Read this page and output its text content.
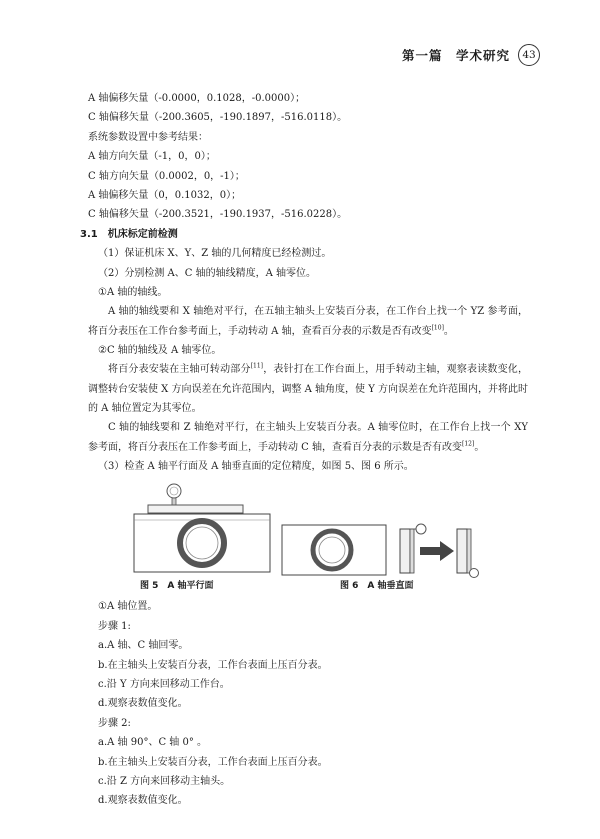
第一篇　学术研究	43
A 轴偏移矢量（-0.0000，0.1028，-0.0000）；
C 轴偏移矢量（-200.3605，-190.1897，-516.0118）。
系统参数设置中参考结果：
A 轴方向矢量（-1，0，0）；
C 轴方向矢量（0.0002，0，-1）；
A 轴偏移矢量（0，0.1032，0）；
C 轴偏移矢量（-200.3521，-190.1937，-516.0228）。
3.1　机床标定前检测
（1）保证机床 X、Y、Z 轴的几何精度已经检测过。
（2）分别检测 A、C 轴的轴线精度，A 轴零位。
①A 轴的轴线。
A 轴的轴线要和 X 轴绝对平行，在五轴主轴头上安装百分表，在工作台上找一个 YZ 参考面，将百分表压在工作台参考面上，手动转动 A 轴，查看百分表的示数是否有改变[10]。
②C 轴的轴线及 A 轴零位。
将百分表安装在主轴可转动部分[11]，表针打在工作台面上，用手转动主轴，观察表读数变化，调整转台安装使 X 方向误差在允许范围内，调整 A 轴角度，使 Y 方向误差在允许范围内，并将此时的 A 轴位置定为其零位。
C 轴的轴线要和 Z 轴绝对平行，在主轴头上安装百分表。A 轴零位时，在工作台上找一个 XY 参考面，将百分表压在工作参考面上，手动转动 C 轴，查看百分表的示数是否有改变[12]。
（3）检查 A 轴平行面及 A 轴垂直面的定位精度，如图 5、图 6 所示。
图 5　A 轴平行面	图 6　A 轴垂直面
①A 轴位置。
步骤 1:
a.A 轴、C 轴回零。
b.在主轴头上安装百分表，工作台表面上压百分表。
c.沿 Y 方向来回移动工作台。
d.观察表数值变化。
步骤 2:
a.A 轴 90°、C 轴 0° 。
b.在主轴头上安装百分表，工作台表面上压百分表。
c.沿 Z 方向来回移动主轴头。
d.观察表数值变化。
